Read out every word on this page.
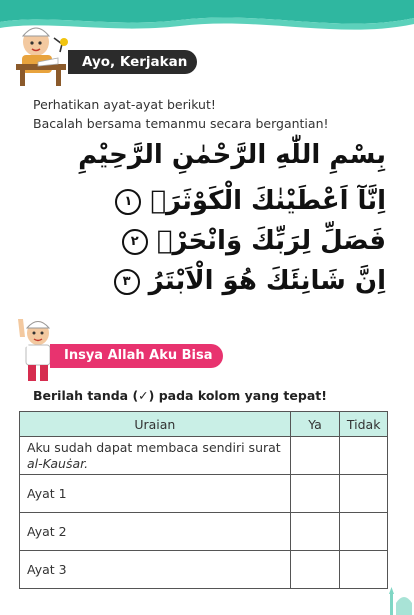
Ayo, Kerjakan
Perhatikan ayat-ayat berikut!
Bacalah bersama temanmu secara bergantian!
بِسْمِ اللّٰهِ الرَّحْمٰنِ الرَّحِيْمِ
اِنَّآ اَعْطَيْنٰكَ الْكَوْثَرَۗ ١
فَصَلِّ لِرَبِّكَ وَانْحَرْۗ ٢
اِنَّ شَانِئَكَ هُوَ الْاَبْتَرُ ٣
Insya Allah Aku Bisa
Berilah tanda (✓) pada kolom yang tepat!
Uraian	Ya	Tidak
Aku sudah dapat membaca sendiri surat al-Kauṡar.		
Ayat 1		
Ayat 2		
Ayat 3		
